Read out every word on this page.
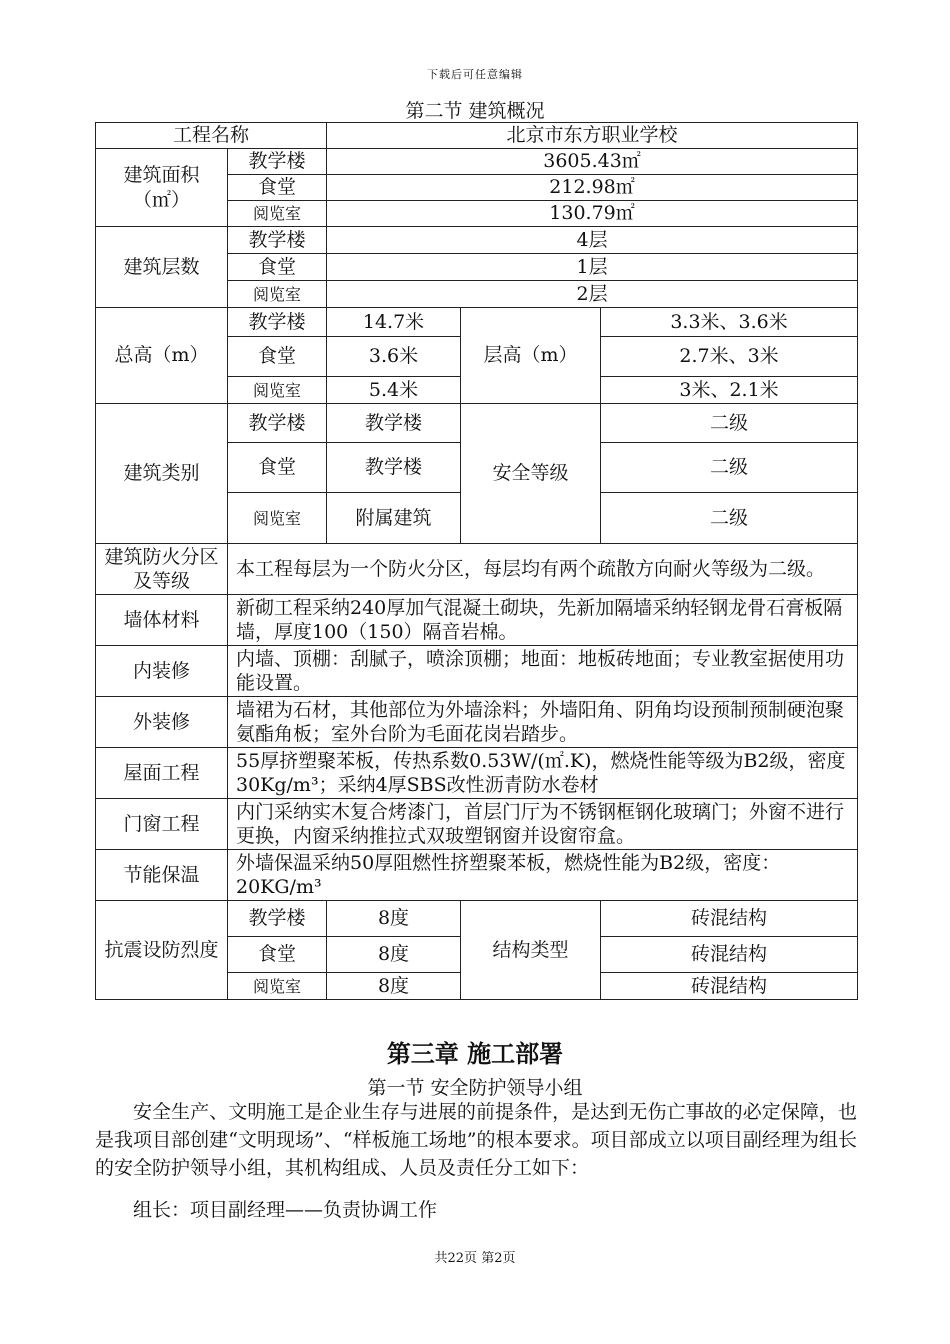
下载后可任意编辑
第二节 建筑概况
工程名称		北京市东方职业学校		
建筑面积（㎡）	教学楼	3605.43㎡		
	食堂	212.98㎡		
	阅览室	130.79㎡		
建筑层数	教学楼	4层		
	食堂	1层		
	阅览室	2层		
总高（m）	教学楼	14.7米	层高（m）	3.3米、3.6米
	食堂	3.6米		2.7米、3米
	阅览室	5.4米		3米、2.1米
建筑类别	教学楼	教学楼	安全等级	二级
	食堂	教学楼		二级
	阅览室	附属建筑		二级
建筑防火分区及等级	本工程每层为一个防火分区，每层均有两个疏散方向耐火等级为二级。			
墙体材料	新砌工程采纳240厚加气混凝土砌块，先新加隔墙采纳轻钢龙骨石膏板隔墙，厚度100（150）隔音岩棉。			
内装修	内墙、顶棚：刮腻子，喷涂顶棚；地面：地板砖地面；专业教室据使用功能设置。			
外装修	墙裙为石材，其他部位为外墙涂料；外墙阳角、阴角均设预制预制硬泡聚氨酯角板；室外台阶为毛面花岗岩踏步。			
屋面工程	55厚挤塑聚苯板，传热系数0.53W/(㎡.K)，燃烧性能等级为B2级，密度30Kg/m³；采纳4厚SBS改性沥青防水卷材			
门窗工程	内门采纳实木复合烤漆门，首层门厅为不锈钢框钢化玻璃门；外窗不进行更换，内窗采纳推拉式双玻塑钢窗并设窗帘盒。			
节能保温	外墙保温采纳50厚阻燃性挤塑聚苯板，燃烧性能为B2级，密度：20KG/m³			
抗震设防烈度	教学楼	8度	结构类型	砖混结构
	食堂	8度		砖混结构
	阅览室	8度		砖混结构
第三章 施工部署
第一节 安全防护领导小组

安全生产、文明施工是企业生存与进展的前提条件，是达到无伤亡事故的必定保障，也是我项目部创建“文明现场”、“样板施工场地”的根本要求。项目部成立以项目副经理为组长的安全防护领导小组，其机构组成、人员及责任分工如下：

组长：项目副经理——负责协调工作

共22页 第2页
